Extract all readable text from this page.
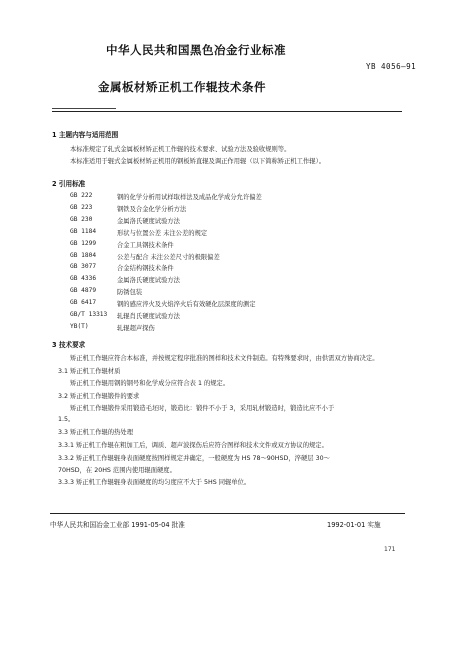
中华人民共和国黑色冶金行业标准
YB 4056—91
金属板材矫正机工作辊技术条件
1 主题内容与适用范围
本标准规定了轧式金属板材矫正机工作辊的技术要求、试验方法及验收规则等。
本标准适用于辊式金属板材矫正机用的钢板矫直辊及调正作用辊（以下简称矫正机工作辊）。
2 引用标准
GB 222	钢的化学分析用试样取样法及成品化学成分允许偏差
GB 223	钢铁及合金化学分析方法
GB 230	金属洛氏硬度试验方法
GB 1184	形状与位置公差 未注公差的规定
GB 1299	合金工具钢技术条件
GB 1804	公差与配合 未注公差尺寸的极限偏差
GB 3077	合金结构钢技术条件
GB 4336	金属洛氏硬度试验方法
GB 4879	防锈包装
GB 6417	钢的感应淬火及火焰淬火后有效硬化层深度的测定
GB/T 13313 轧辊肖氏硬度试验方法
YB(T)	轧辊超声探伤
3 技术要求
矫正机工作辊应符合本标准，并按规定程序批准的图样和技术文件制造。有特殊要求时，由供需双方协商决定。
3.1 矫正机工作辊材质
矫正机工作辊用钢的钢号和化学成分应符合表 1 的规定。
3.2 矫正机工作辊锻件的要求
矫正机工作辊锻件采用锻造毛坯时，锻造比：锻件不小于 3，采用轧材锻造时，锻造比应不小于
1.5。
3.3 矫正机工作辊的热处理
3.3.1 矫正机工作辊在粗加工后，调质、超声波探伤后应符合图样和技术文件或双方协议的规定。
3.3.2 矫正机工作辊辊身表面硬度按图样规定并确定，一般硬度为 HS 78～90HSD，淬硬层 30～
70HSD，在 20HS 范围内使用辊面硬度。
3.3.3 矫正机工作辊辊身表面硬度的均匀度应不大于 5HS 同辊单位。
中华人民共和国冶金工业部 1991-05-04 批准	1992-01-01 实施
171
